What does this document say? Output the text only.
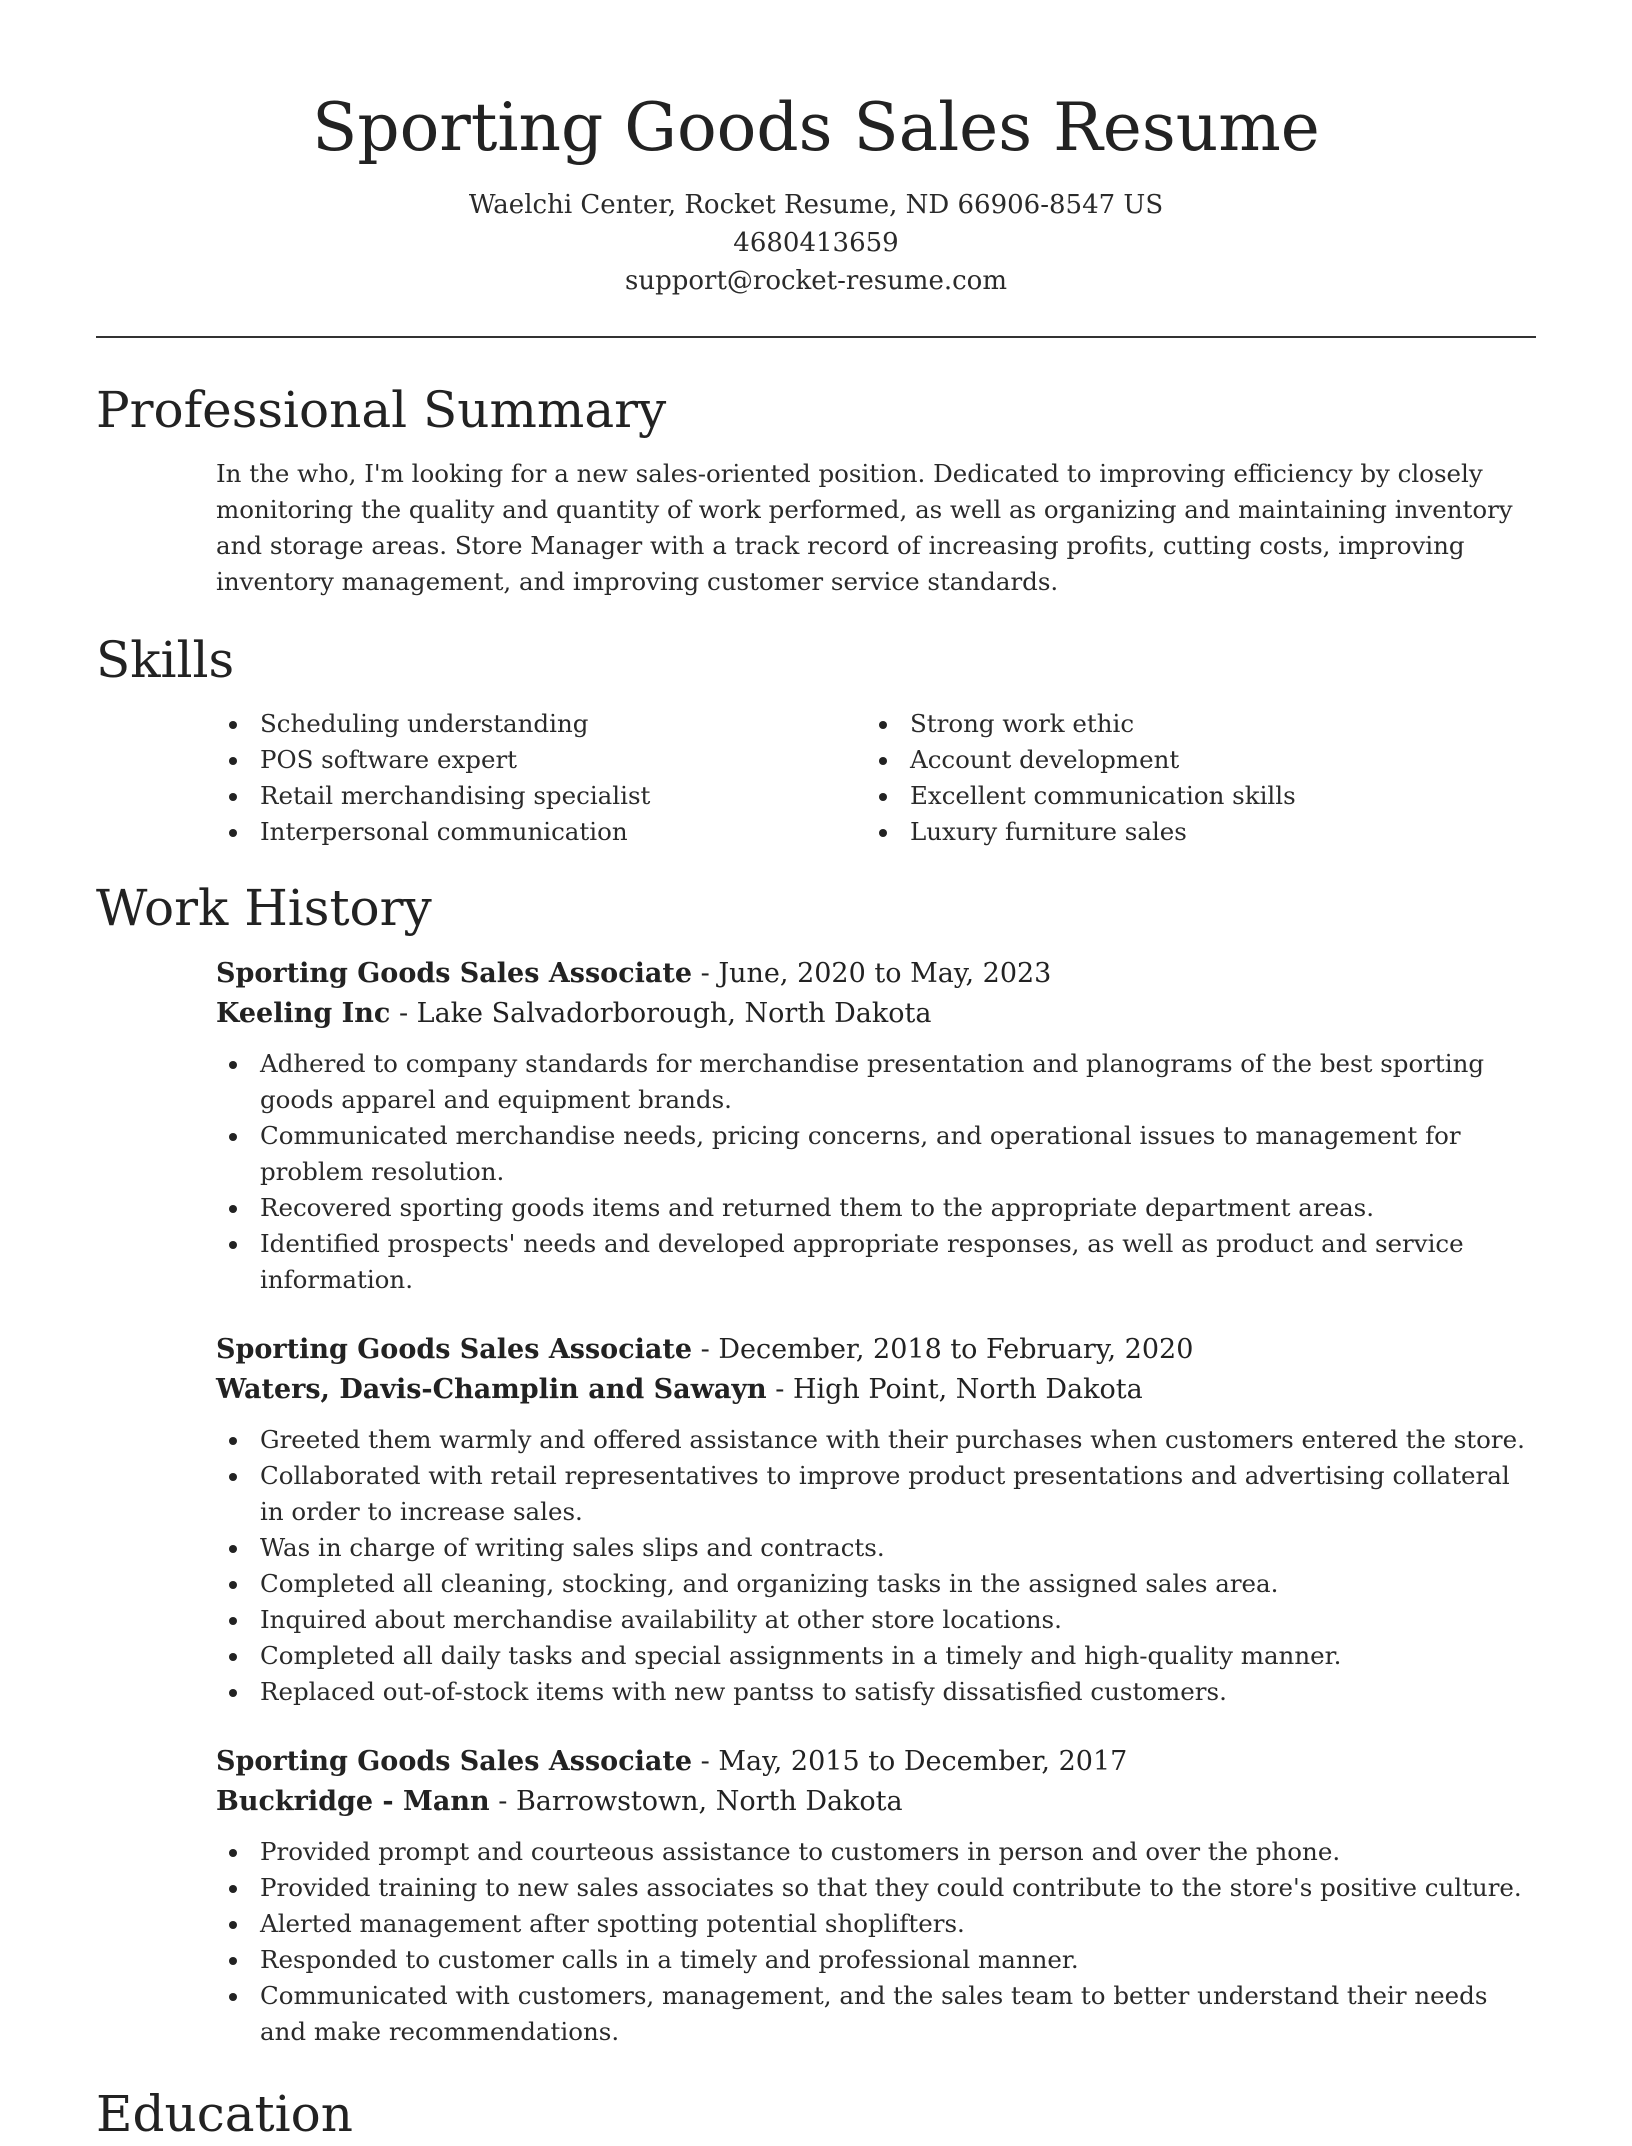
Sporting Goods Sales Resume
Waelchi Center, Rocket Resume, ND 66906-8547 US
4680413659
support@rocket-resume.com
Professional Summary

In the who, I'm looking for a new sales-oriented position. Dedicated to improving efficiency by closely monitoring the quality and quantity of work performed, as well as organizing and maintaining inventory and storage areas. Store Manager with a track record of increasing profits, cutting costs, improving inventory management, and improving customer service standards.

Skills
Scheduling understanding
POS software expert
Retail merchandising specialist
Interpersonal communication
Strong work ethic
Account development
Excellent communication skills
Luxury furniture sales
Work History
Sporting Goods Sales Associate - June, 2020 to May, 2023
Keeling Inc - Lake Salvadorborough, North Dakota
Adhered to company standards for merchandise presentation and planograms of the best sporting goods apparel and equipment brands.
Communicated merchandise needs, pricing concerns, and operational issues to management for problem resolution.
Recovered sporting goods items and returned them to the appropriate department areas.
Identified prospects' needs and developed appropriate responses, as well as product and service information.
Sporting Goods Sales Associate - December, 2018 to February, 2020
Waters, Davis-Champlin and Sawayn - High Point, North Dakota
Greeted them warmly and offered assistance with their purchases when customers entered the store.
Collaborated with retail representatives to improve product presentations and advertising collateral in order to increase sales.
Was in charge of writing sales slips and contracts.
Completed all cleaning, stocking, and organizing tasks in the assigned sales area.
Inquired about merchandise availability at other store locations.
Completed all daily tasks and special assignments in a timely and high-quality manner.
Replaced out-of-stock items with new pantss to satisfy dissatisfied customers.
Sporting Goods Sales Associate - May, 2015 to December, 2017
Buckridge - Mann - Barrowstown, North Dakota
Provided prompt and courteous assistance to customers in person and over the phone.
Provided training to new sales associates so that they could contribute to the store's positive culture.
Alerted management after spotting potential shoplifters.
Responded to customer calls in a timely and professional manner.
Communicated with customers, management, and the sales team to better understand their needs and make recommendations.
Education
